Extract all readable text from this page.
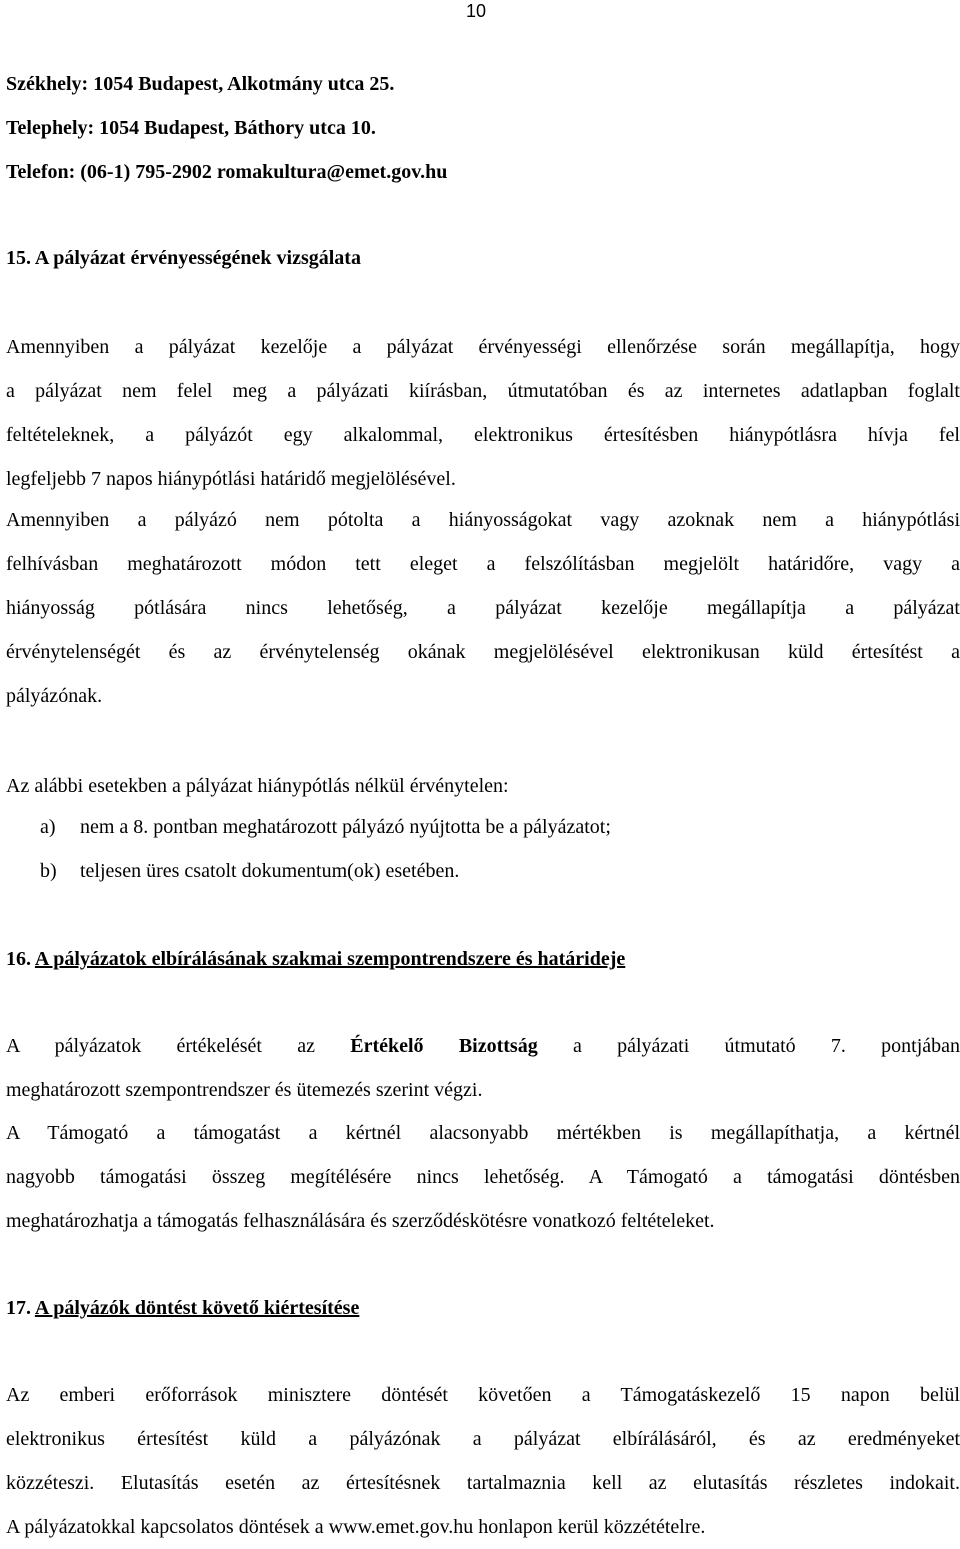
10
Székhely: 1054 Budapest, Alkotmány utca 25.
Telephely: 1054 Budapest, Báthory utca 10.
Telefon: (06-1) 795-2902 romakultura@emet.gov.hu
15. A pályázat érvényességének vizsgálata
Amennyiben a pályázat kezelője a pályázat érvényességi ellenőrzése során megállapítja, hogy
a pályázat nem felel meg a pályázati kiírásban, útmutatóban és az internetes adatlapban foglalt
feltételeknek, a pályázót egy alkalommal, elektronikus értesítésben hiánypótlásra hívja fel
legfeljebb 7 napos hiánypótlási határidő megjelölésével.
Amennyiben a pályázó nem pótolta a hiányosságokat vagy azoknak nem a hiánypótlási
felhívásban meghatározott módon tett eleget a felszólításban megjelölt határidőre, vagy a
hiányosság pótlására nincs lehetőség, a pályázat kezelője megállapítja a pályázat
érvénytelenségét és az érvénytelenség okának megjelölésével elektronikusan küld értesítést a
pályázónak.
Az alábbi esetekben a pályázat hiánypótlás nélkül érvénytelen:
a) nem a 8. pontban meghatározott pályázó nyújtotta be a pályázatot;
b) teljesen üres csatolt dokumentum(ok) esetében.
16. A pályázatok elbírálásának szakmai szempontrendszere és határideje
A pályázatok értékelését az Értékelő Bizottság a pályázati útmutató 7. pontjában
meghatározott szempontrendszer és ütemezés szerint végzi.
A Támogató a támogatást a kértnél alacsonyabb mértékben is megállapíthatja, a kértnél
nagyobb támogatási összeg megítélésére nincs lehetőség. A Támogató a támogatási döntésben
meghatározhatja a támogatás felhasználására és szerződéskötésre vonatkozó feltételeket.
17. A pályázók döntést követő kiértesítése
Az emberi erőforrások minisztere döntését követően a Támogatáskezelő 15 napon belül
elektronikus értesítést küld a pályázónak a pályázat elbírálásáról, és az eredményeket
közzéteszi. Elutasítás esetén az értesítésnek tartalmaznia kell az elutasítás részletes indokait.
A pályázatokkal kapcsolatos döntések a www.emet.gov.hu honlapon kerül közzétételre.
